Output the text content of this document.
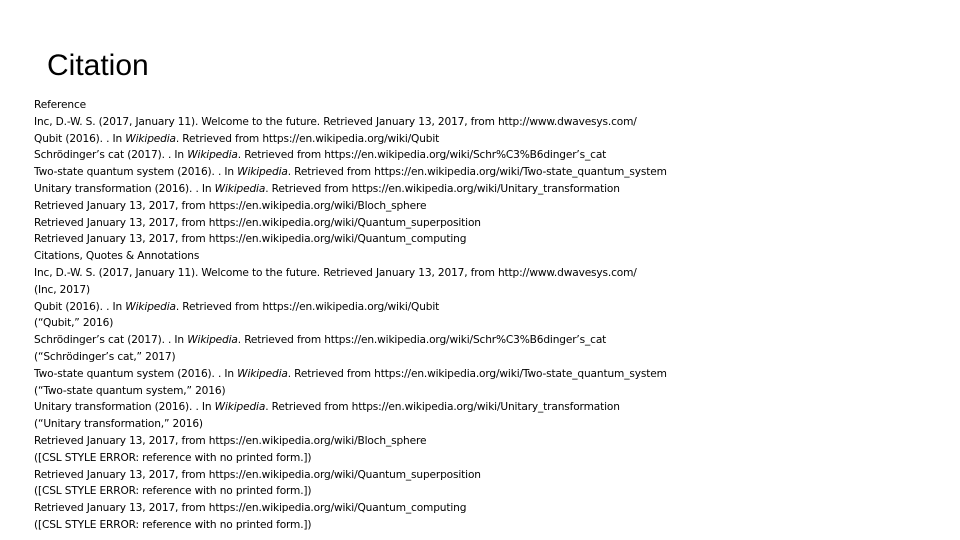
Citation
Reference
Inc, D.-W. S. (2017, January 11). Welcome to the future. Retrieved January 13, 2017, from http://www.dwavesys.com/
Qubit (2016). . In Wikipedia. Retrieved from https://en.wikipedia.org/wiki/Qubit
Schrödinger’s cat (2017). . In Wikipedia. Retrieved from https://en.wikipedia.org/wiki/Schr%C3%B6dinger’s_cat
Two-state quantum system (2016). . In Wikipedia. Retrieved from https://en.wikipedia.org/wiki/Two-state_quantum_system
Unitary transformation (2016). . In Wikipedia. Retrieved from https://en.wikipedia.org/wiki/Unitary_transformation
Retrieved January 13, 2017, from https://en.wikipedia.org/wiki/Bloch_sphere
Retrieved January 13, 2017, from https://en.wikipedia.org/wiki/Quantum_superposition
Retrieved January 13, 2017, from https://en.wikipedia.org/wiki/Quantum_computing
Citations, Quotes & Annotations
Inc, D.-W. S. (2017, January 11). Welcome to the future. Retrieved January 13, 2017, from http://www.dwavesys.com/
(Inc, 2017)
Qubit (2016). . In Wikipedia. Retrieved from https://en.wikipedia.org/wiki/Qubit
(“Qubit,” 2016)
Schrödinger’s cat (2017). . In Wikipedia. Retrieved from https://en.wikipedia.org/wiki/Schr%C3%B6dinger’s_cat
(“Schrödinger’s cat,” 2017)
Two-state quantum system (2016). . In Wikipedia. Retrieved from https://en.wikipedia.org/wiki/Two-state_quantum_system
(“Two-state quantum system,” 2016)
Unitary transformation (2016). . In Wikipedia. Retrieved from https://en.wikipedia.org/wiki/Unitary_transformation
(“Unitary transformation,” 2016)
Retrieved January 13, 2017, from https://en.wikipedia.org/wiki/Bloch_sphere
([CSL STYLE ERROR: reference with no printed form.])
Retrieved January 13, 2017, from https://en.wikipedia.org/wiki/Quantum_superposition
([CSL STYLE ERROR: reference with no printed form.])
Retrieved January 13, 2017, from https://en.wikipedia.org/wiki/Quantum_computing
([CSL STYLE ERROR: reference with no printed form.])
